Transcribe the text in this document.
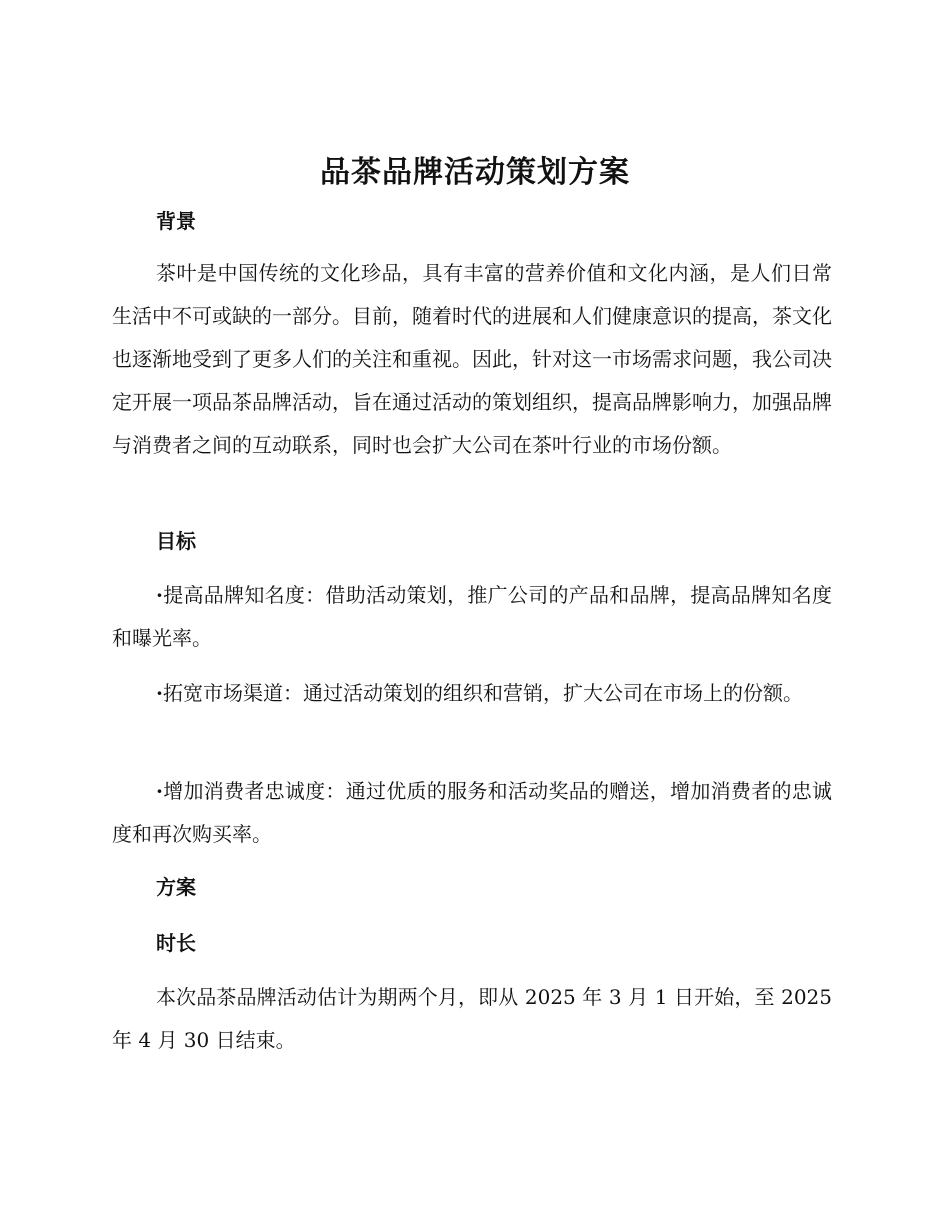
品茶品牌活动策划方案
背景

茶叶是中国传统的文化珍品，具有丰富的营养价值和文化内涵，是人们日常生活中不可或缺的一部分。目前，随着时代的进展和人们健康意识的提高，茶文化也逐渐地受到了更多人们的关注和重视。因此，针对这一市场需求问题，我公司决定开展一项品茶品牌活动，旨在通过活动的策划组织，提高品牌影响力，加强品牌与消费者之间的互动联系，同时也会扩大公司在茶叶行业的市场份额。

目标

·提高品牌知名度：借助活动策划，推广公司的产品和品牌，提高品牌知名度和曝光率。

·拓宽市场渠道：通过活动策划的组织和营销，扩大公司在市场上的份额。

·增加消费者忠诚度：通过优质的服务和活动奖品的赠送，增加消费者的忠诚度和再次购买率。

方案
时长

本次品茶品牌活动估计为期两个月，即从 2025 年 3 月 1 日开始，至 2025 年 4 月 30 日结束。
